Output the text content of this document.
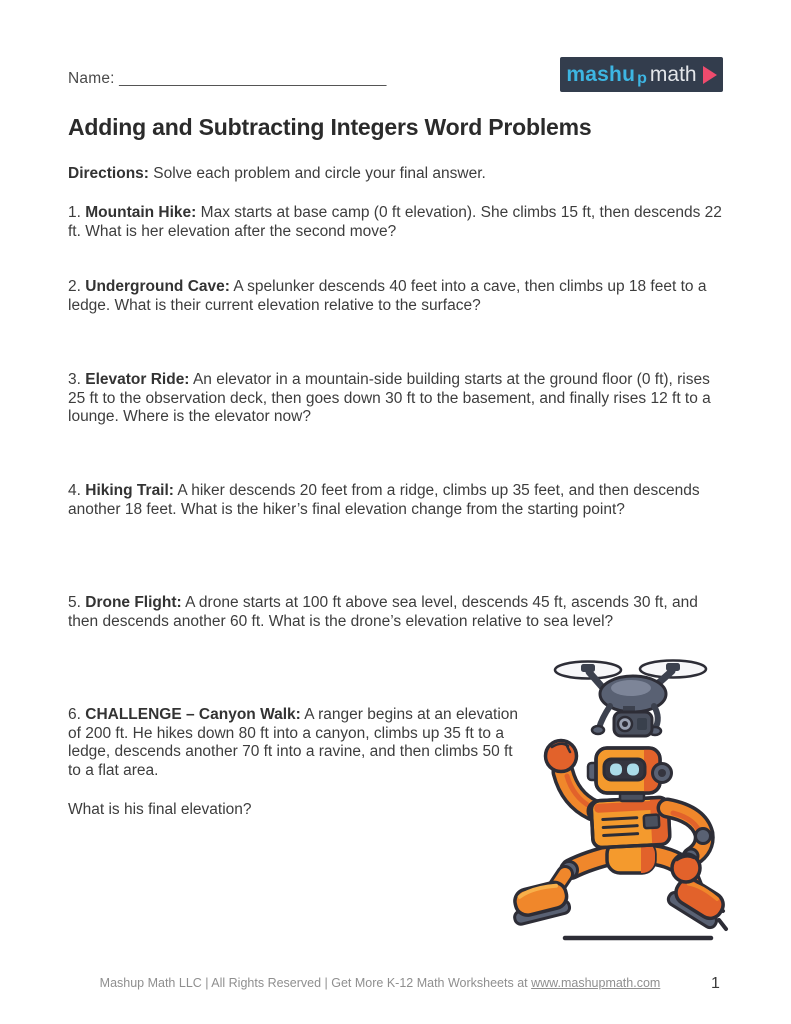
Name: _______________________________	mashu p math
Adding and Subtracting Integers Word Problems
Directions: Solve each problem and circle your final answer.
1. Mountain Hike: Max starts at base camp (0 ft elevation). She climbs 15 ft, then descends 22 ft. What is her elevation after the second move?
2. Underground Cave: A spelunker descends 40 feet into a cave, then climbs up 18 feet to a ledge. What is their current elevation relative to the surface?
3. Elevator Ride: An elevator in a mountain-side building starts at the ground floor (0 ft), rises 25 ft to the observation deck, then goes down 30 ft to the basement, and finally rises 12 ft to a lounge. Where is the elevator now?
4. Hiking Trail: A hiker descends 20 feet from a ridge, climbs up 35 feet, and then descends another 18 feet. What is the hiker’s final elevation change from the starting point?
5. Drone Flight: A drone starts at 100 ft above sea level, descends 45 ft, ascends 30 ft, and then descends another 60 ft. What is the drone’s elevation relative to sea level?
6. CHALLENGE – Canyon Walk: A ranger begins at an elevation of 200 ft. He hikes down 80 ft into a canyon, climbs up 35 ft to a ledge, descends another 70 ft into a ravine, and then climbs 50 ft to a flat area.
What is his final elevation?
Mashup Math LLC | All Rights Reserved | Get More K-12 Math Worksheets at www.mashupmath.com	1
